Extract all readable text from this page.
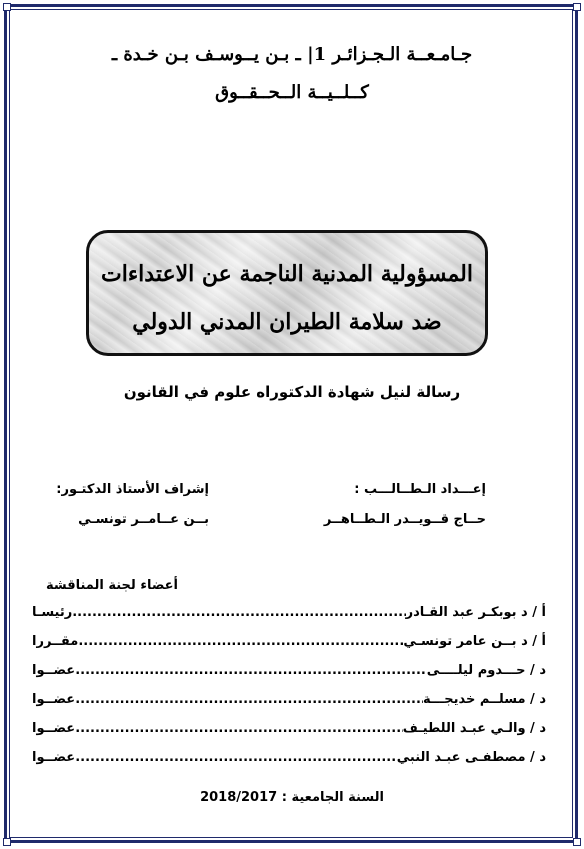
جـامـعــة الـجـزائـر 1| ـ بـن يــوسـف بـن خـدة ـ
كــلــيــة الــحــقــوق
المسؤولية المدنية الناجمة عن الاعتداءات
ضد سلامة الطيران المدني الدولي
رسالة لنيل شهادة الدكتوراه علوم في القانون
إعـــداد الـطــالـــب :
حــاج قــويــدر الـطــاهــر
إشراف الأستاذ الدكتـور:
بــن عــامــر تونسـي
أعضاء لجنة المناقشة
أ / د بوبكـر عبد القـادر
.....
رئيسـا
أ / د بــن عامر تونسـي
.....
مقــررا
د / حـــدوم ليلــــى
.....
عضــوا
د / مسلــم خديجـــة
.....
عضــوا
د / والـي عبـد اللطيـف
.....
عضــوا
د / مصطفـى عبـد النبي
.....
عضــوا
السنة الجامعية : 2018/2017
